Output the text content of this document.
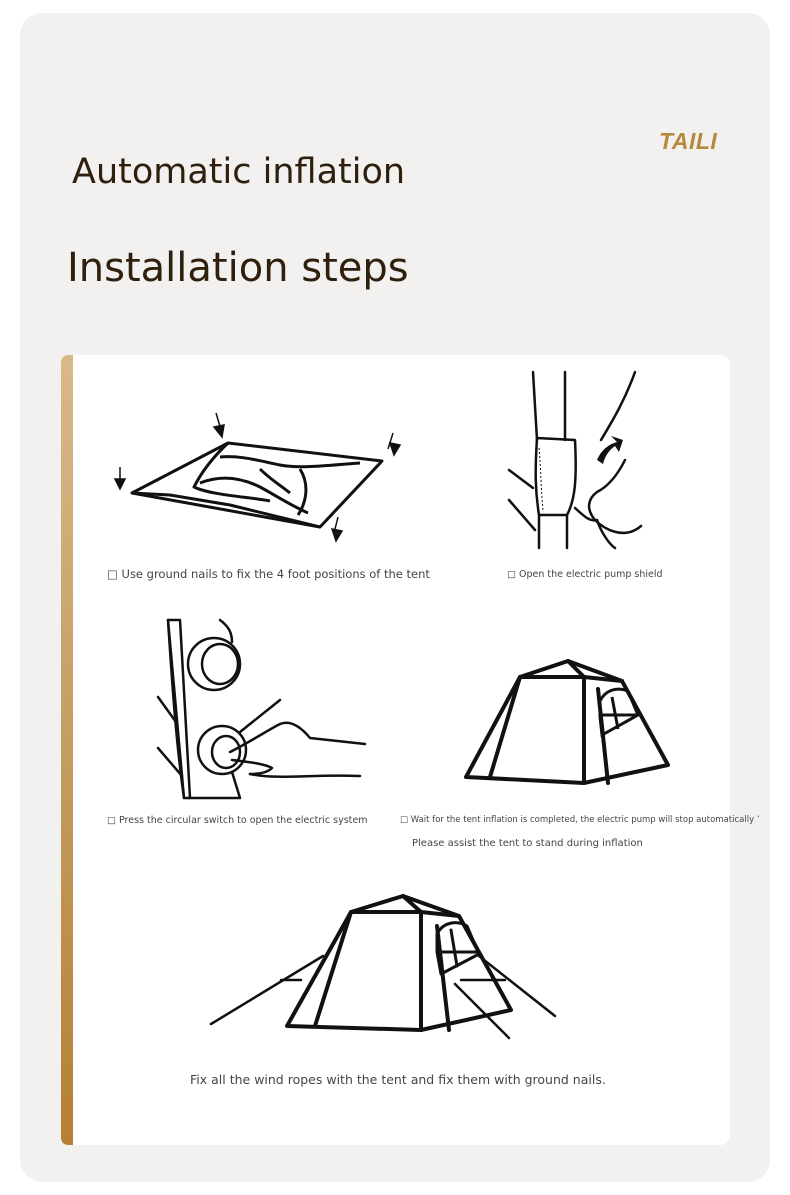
TAILI
Automatic inflation
Installation steps
□ Use ground nails to fix the 4 foot positions of the tent	□ Open the electric pump shield
□ Press the circular switch to open the electric system	□ Wait for the tent inflation is completed, the electric pump will stop automatically ʼ
Please assist the tent to stand during inflation
Fix all the wind ropes with the tent and fix them with ground nails.
